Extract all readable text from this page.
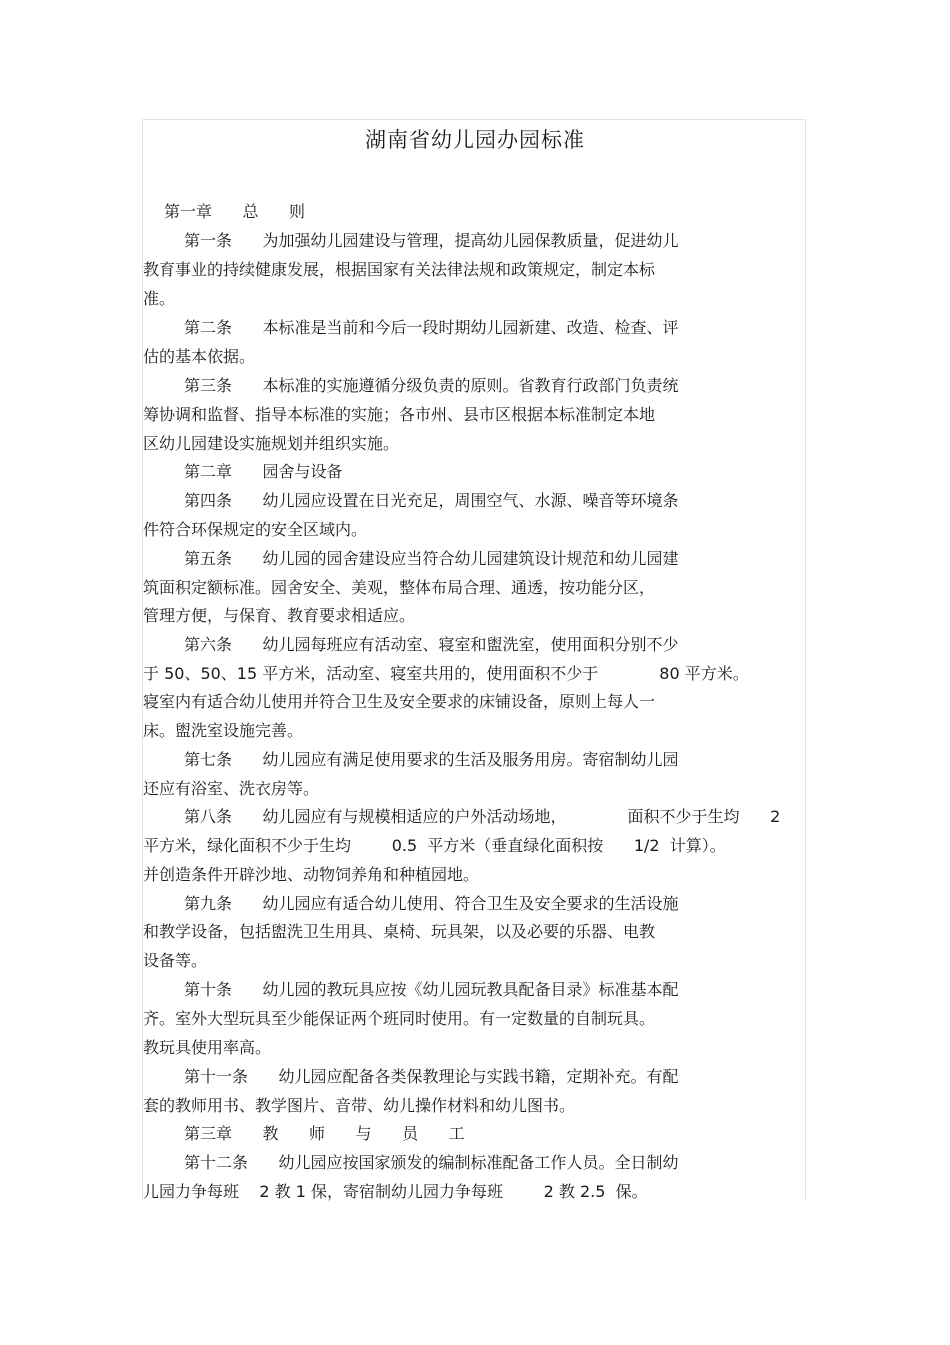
湖南省幼儿园办园标准
第一章      总      则
第一条      为加强幼儿园建设与管理，提高幼儿园保教质量，促进幼儿
教育事业的持续健康发展，根据国家有关法律法规和政策规定，制定本标
准。
第二条      本标准是当前和今后一段时期幼儿园新建、改造、检查、评
估的基本依据。
第三条      本标准的实施遵循分级负责的原则。省教育行政部门负责统
筹协调和监督、指导本标准的实施；各市州、县市区根据本标准制定本地
区幼儿园建设实施规划并组织实施。
第二章      园舍与设备
第四条      幼儿园应设置在日光充足，周围空气、水源、噪音等环境条
件符合环保规定的安全区域内。
第五条      幼儿园的园舍建设应当符合幼儿园建筑设计规范和幼儿园建
筑面积定额标准。园舍安全、美观，整体布局合理、通透，按功能分区，
管理方便，与保育、教育要求相适应。
第六条      幼儿园每班应有活动室、寝室和盥洗室，使用面积分别不少
于 50、50、15 平方米，活动室、寝室共用的，使用面积不少于            80 平方米。
寝室内有适合幼儿使用并符合卫生及安全要求的床铺设备，原则上每人一
床。盥洗室设施完善。
第七条      幼儿园应有满足使用要求的生活及服务用房。寄宿制幼儿园
还应有浴室、洗衣房等。
第八条      幼儿园应有与规模相适应的户外活动场地，            面积不少于生均      2
平方米，绿化面积不少于生均        0.5  平方米（垂直绿化面积按      1/2  计算）。
并创造条件开辟沙地、动物饲养角和种植园地。
第九条      幼儿园应有适合幼儿使用、符合卫生及安全要求的生活设施
和教学设备，包括盥洗卫生用具、桌椅、玩具架，以及必要的乐器、电教
设备等。
第十条      幼儿园的教玩具应按《幼儿园玩教具配备目录》标准基本配
齐。室外大型玩具至少能保证两个班同时使用。有一定数量的自制玩具。
教玩具使用率高。
第十一条      幼儿园应配备各类保教理论与实践书籍，定期补充。有配
套的教师用书、教学图片、音带、幼儿操作材料和幼儿图书。
第三章      教      师      与      员      工
第十二条      幼儿园应按国家颁发的编制标准配备工作人员。全日制幼
儿园力争每班    2 教 1 保，寄宿制幼儿园力争每班        2 教 2.5  保。
